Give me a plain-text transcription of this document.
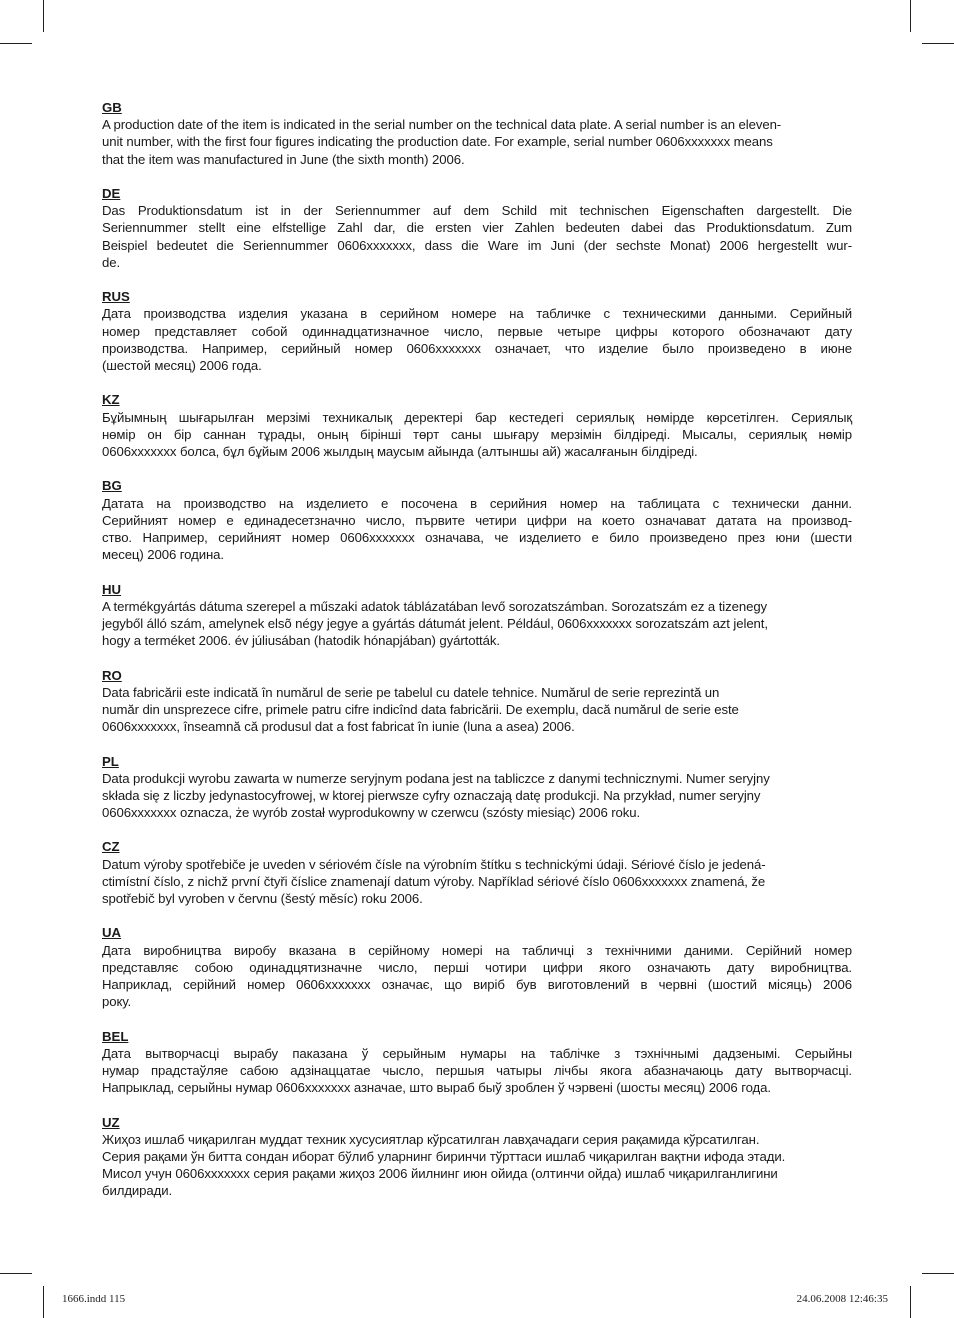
GB
A production date of the item is indicated in the serial number on the technical data plate. A serial number is an eleven-
unit number, with the first four figures indicating the production date. For example, serial number 0606xxxxxxx means
that the item was manufactured in June (the sixth month) 2006.
DE
Das Produktionsdatum ist in der Seriennummer auf dem Schild mit technischen Eigenschaften dargestellt. Die
Seriennummer stellt eine elfstellige Zahl dar, die ersten vier Zahlen bedeuten dabei das Produktionsdatum. Zum
Beispiel bedeutet die Seriennummer 0606xxxxxxx, dass die Ware im Juni (der sechste Monat) 2006 hergestellt wur-
de.
RUS
Дата производства изделия указана в серийном номере на табличке с техническими данными. Серийный
номер представляет собой одиннадцатизначное число, первые четыре цифры которого обозначают дату
производства. Например, серийный номер 0606xxxxxxx означает, что изделие было произведено в июне
(шестой месяц) 2006 года.
KZ
Бұйымның шығарылған мерзімі техникалық деректері бар кестедегі сериялық нөмірде көрсетілген. Сериялық
нөмір он бір саннан тұрады, оның бірінші төрт саны шығару мерзімін білдіреді. Мысалы, сериялық нөмір
0606xxxxxxx болса, бұл бұйым 2006 жылдың маусым айында (алтыншы ай) жасалғанын білдіреді.
BG
Датата на производство на изделието е посочена в серийния номер на таблицата с технически данни.
Серийният номер е единадесетзначно число, първите четири цифри на което означават датата на производ-
ство. Например, серийният номер 0606xxxxxxx означава, че изделието е било произведено през юни (шести
месец) 2006 година.
HU
A termékgyártás dátuma szerepel a műszaki adatok táblázatában levő sorozatszámban. Sorozatszám ez a tizenegy
jegyből álló szám, amelynek elsõ négy jegye a gyártás dátumát jelent. Például, 0606xxxxxxx sorozatszám azt jelent,
hogy a terméket 2006. év júliusában (hatodik hónapjában) gyártották.
RO
Data fabricării este indicată în numărul de serie pe tabelul cu datele tehnice. Numărul de serie reprezintă un
număr din unsprezece cifre, primele patru cifre indicînd data fabricării. De exemplu, dacă numărul de serie este
0606xxxxxxx, înseamnă că produsul dat a fost fabricat în iunie (luna a asea) 2006.
PL
Data produkcji wyrobu zawarta w numerze seryjnym podana jest na tabliczce z danymi technicznymi. Numer seryjny
składa się z liczby jedynastocyfrowej, w ktorej pierwsze cyfry oznaczają datę produkcji. Na przykład, numer seryjny
0606xxxxxxx oznacza, że wyrób został wyprodukowny w czerwcu (szósty miesiąc) 2006 roku.
CZ
Datum výroby spotřebiče je uveden v sériovém čísle na výrobním štítku s technickými údaji. Sériové číslo je jedená-
ctimístní číslo, z nichž první čtyři číslice znamenají datum výroby. Například sériové číslo 0606xxxxxxx znamená, že
spotřebič byl vyroben v červnu (šestý měsíc) roku 2006.
UA
Дата виробництва виробу вказана в серійному номері на табличці з технічними даними. Серійний номер
представляє собою одинадцятизначне число, перші чотири цифри якого означають дату виробництва.
Наприклад, серійний номер 0606xxxxxxx означає, що виріб був виготовлений в червні (шостий місяць) 2006
року.
BEL
Дата вытворчасці вырабу паказана ў серыйным нумары на таблічке з тэхнічнымі дадзенымі. Серыйны
нумар прадстаўляе сабою адзінаццатае чысло, першыя чатыры лічбы якога абазначаюць дату вытворчасці.
Напрыклад, серыйны нумар 0606xxxxxxx азначае, што выраб быў зроблен ў чэрвені (шосты месяц) 2006 года.
UZ
Жиҳоз ишлаб чиқарилган муддат техник хусусиятлар кўрсатилган лавҳачадаги серия рақамида кўрсатилган.
Серия рақами ўн битта сондан иборат бўлиб уларнинг биринчи тўрттаси ишлаб чиқарилган вақтни ифода этади.
Мисол учун 0606xxxxxxx серия рақами жиҳоз 2006 йилнинг июн ойида (олтинчи ойда) ишлаб чиқарилганлигини
билдиради.
1666.indd 115	24.06.2008 12:46:35
